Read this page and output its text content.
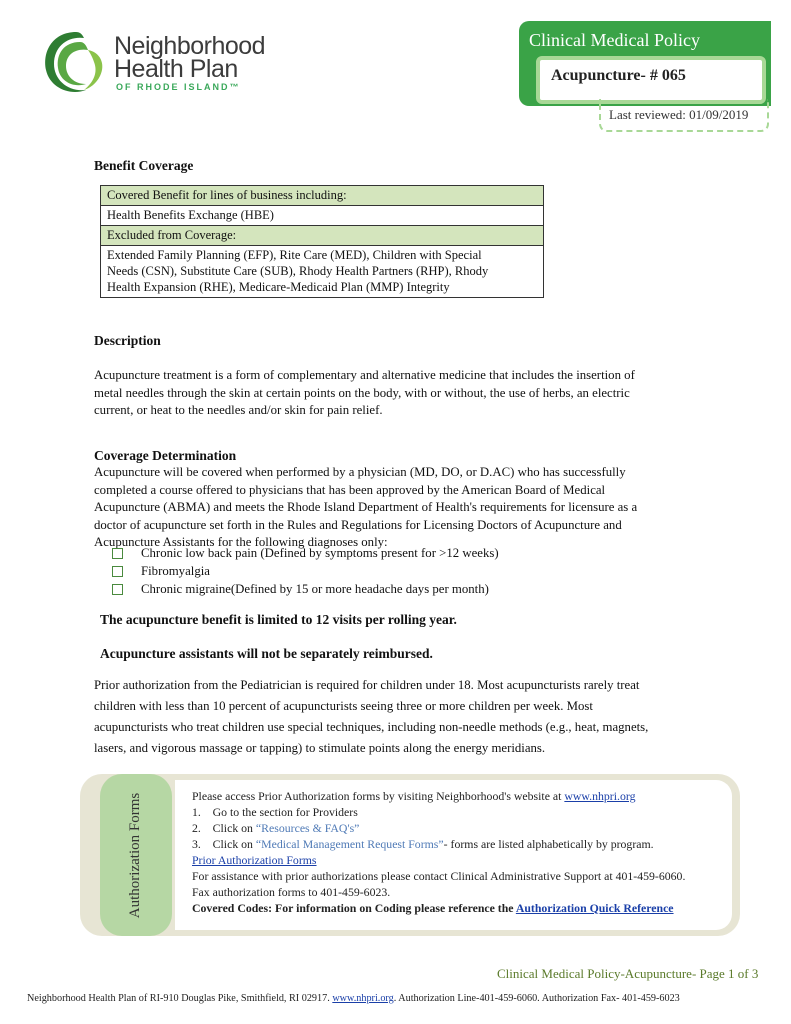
Neighborhood
Health Plan
OF RHODE ISLAND™
Clinical Medical Policy
Acupuncture- # 065
Last reviewed: 01/09/2019
Benefit Coverage
Covered Benefit for lines of business including:
Health Benefits Exchange (HBE)
Excluded from Coverage:
Extended Family Planning (EFP), Rite Care (MED), Children with Special
Needs (CSN), Substitute Care (SUB), Rhody Health Partners (RHP), Rhody
Health Expansion (RHE), Medicare-Medicaid Plan (MMP) Integrity
Description
Acupuncture treatment is a form of complementary and alternative medicine that includes the insertion of
metal needles through the skin at certain points on the body, with or without, the use of herbs, an electric
current, or heat to the needles and/or skin for pain relief.
Coverage Determination
Acupuncture will be covered when performed by a physician (MD, DO, or D.AC) who has successfully
completed a course offered to physicians that has been approved by the American Board of Medical
Acupuncture (ABMA) and meets the Rhode Island Department of Health's requirements for licensure as a
doctor of acupuncture set forth in the Rules and Regulations for Licensing Doctors of Acupuncture and
Acupuncture Assistants for the following diagnoses only:
Chronic low back pain (Defined by symptoms present for >12 weeks)
Fibromyalgia
Chronic migraine(Defined by 15 or more headache days per month)
The acupuncture benefit is limited to 12 visits per rolling year.
Acupuncture assistants will not be separately reimbursed.
Prior authorization from the Pediatrician is required for children under 18. Most acupuncturists rarely treat
children with less than 10 percent of acupuncturists seeing three or more children per week. Most
acupuncturists who treat children use special techniques, including non-needle methods (e.g., heat, magnets,
lasers, and vigorous massage or tapping) to stimulate points along the energy meridians.
Authorization Forms	Please access Prior Authorization forms by visiting Neighborhood's website at www.nhpri.org
1. Go to the section for Providers
2. Click on “Resources & FAQ's”
3. Click on “Medical Management Request Forms”- forms are listed alphabetically by program.
Prior Authorization Forms
For assistance with prior authorizations please contact Clinical Administrative Support at 401-459-6060.
Fax authorization forms to 401-459-6023.
Covered Codes: For information on Coding please reference the Authorization Quick Reference
Clinical Medical Policy-Acupuncture- Page 1 of 3
Neighborhood Health Plan of RI-910 Douglas Pike, Smithfield, RI 02917. www.nhpri.org. Authorization Line-401-459-6060. Authorization Fax- 401-459-6023
